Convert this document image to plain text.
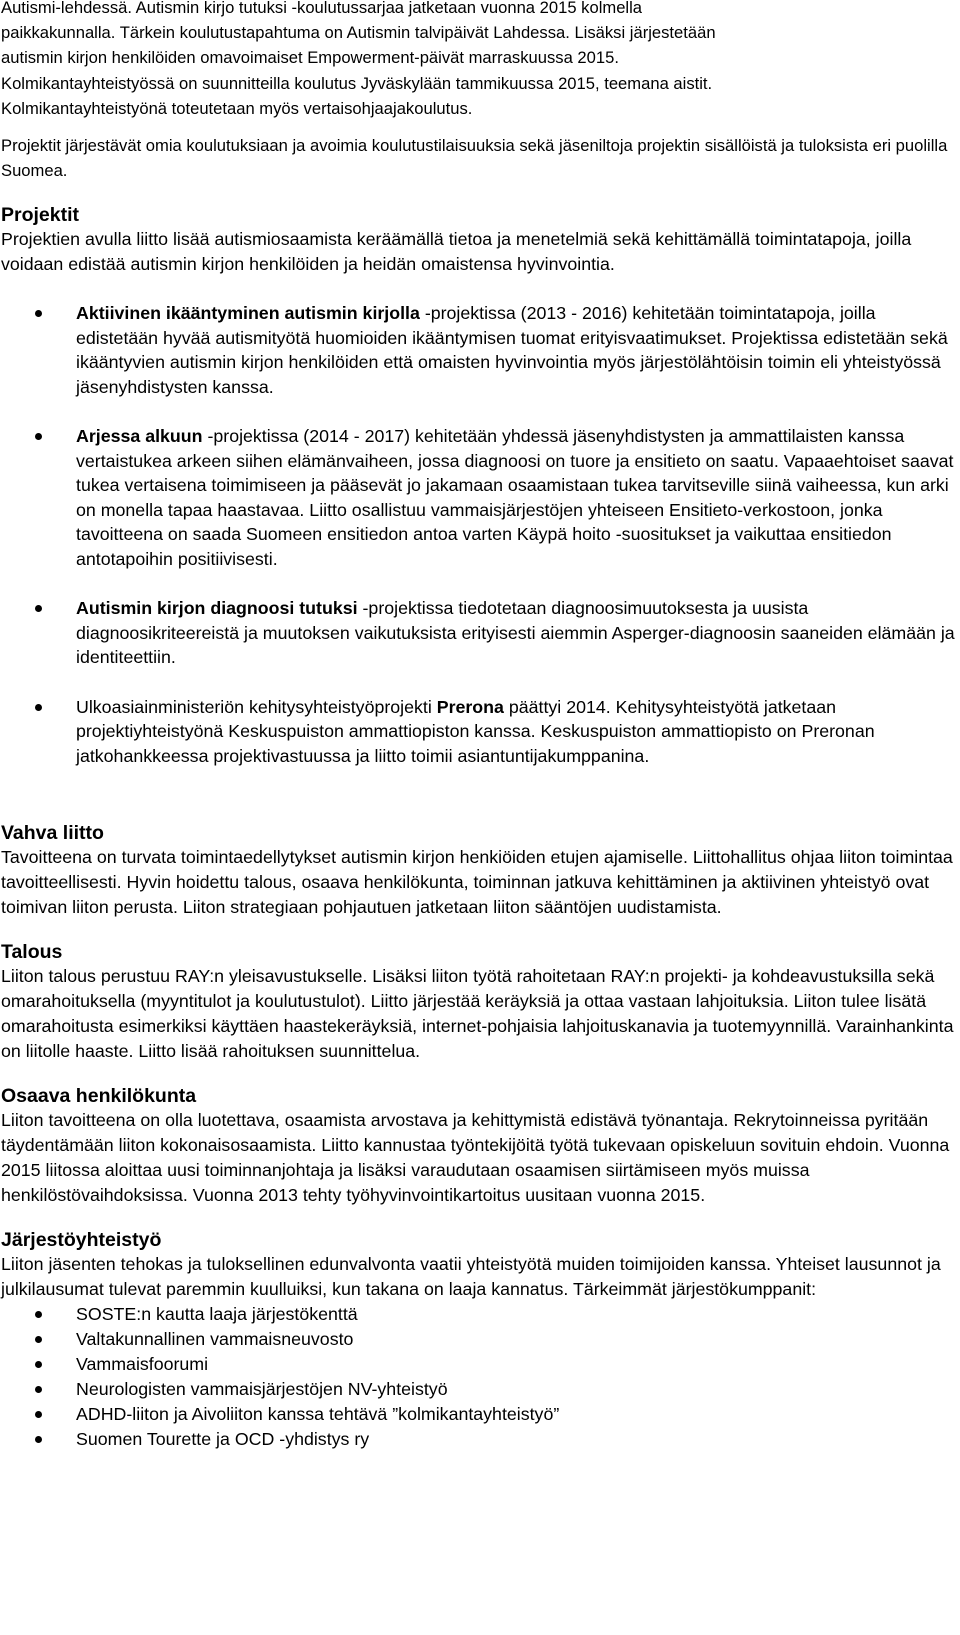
Autismi-lehdessä. Autismin kirjo tutuksi -koulutussarjaa jatketaan vuonna 2015 kolmella

paikkakunnalla. Tärkein koulutustapahtuma on Autismin talvipäivät Lahdessa. Lisäksi järjestetään

autismin kirjon henkilöiden omavoimaiset Empowerment-päivät marraskuussa 2015.

Kolmikantayhteistyössä on suunnitteilla koulutus Jyväskylään tammikuussa 2015, teemana aistit.

Kolmikantayhteistyönä toteutetaan myös vertaisohjaajakoulutus.

Projektit järjestävät omia koulutuksiaan ja avoimia koulutustilaisuuksia sekä jäseniltoja projektin sisällöistä ja tuloksista eri puolilla Suomea.

Projektit

Projektien avulla liitto lisää autismiosaamista keräämällä tietoa ja menetelmiä sekä kehittämällä toimintatapoja, joilla voidaan edistää autismin kirjon henkilöiden ja heidän omaistensa hyvinvointia.

Aktiivinen ikääntyminen autismin kirjolla -projektissa (2013 - 2016) kehitetään toimintatapoja, joilla edistetään hyvää autismityötä huomioiden ikääntymisen tuomat erityisvaatimukset. Projektissa edistetään sekä ikääntyvien autismin kirjon henkilöiden että omaisten hyvinvointia myös järjestölähtöisin toimin eli yhteistyössä jäsenyhdistysten kanssa.
Arjessa alkuun -projektissa (2014 - 2017) kehitetään yhdessä jäsenyhdistysten ja ammattilaisten kanssa vertaistukea arkeen siihen elämänvaiheen, jossa diagnoosi on tuore ja ensitieto on saatu. Vapaaehtoiset saavat tukea vertaisena toimimiseen ja pääsevät jo jakamaan osaamistaan tukea tarvitseville siinä vaiheessa, kun arki on monella tapaa haastavaa. Liitto osallistuu vammaisjärjestöjen yhteiseen Ensitieto-verkostoon, jonka tavoitteena on saada Suomeen ensitiedon antoa varten Käypä hoito -suositukset ja vaikuttaa ensitiedon antotapoihin positiivisesti.
Autismin kirjon diagnoosi tutuksi -projektissa tiedotetaan diagnoosimuutoksesta ja uusista diagnoosikriteereistä ja muutoksen vaikutuksista erityisesti aiemmin Asperger-diagnoosin saaneiden elämään ja identiteettiin.
Ulkoasiainministeriön kehitysyhteistyöprojekti Prerona päättyi 2014. Kehitysyhteistyötä jatketaan projektiyhteistyönä Keskuspuiston ammattiopiston kanssa. Keskuspuiston ammattiopisto on Preronan jatkohankkeessa projektivastuussa ja liitto toimii asiantuntijakumppanina.
Vahva liitto

Tavoitteena on turvata toimintaedellytykset autismin kirjon henkiöiden etujen ajamiselle. Liittohallitus ohjaa liiton toimintaa tavoitteellisesti. Hyvin hoidettu talous, osaava henkilökunta, toiminnan jatkuva kehittäminen ja aktiivinen yhteistyö ovat toimivan liiton perusta. Liiton strategiaan pohjautuen jatketaan liiton sääntöjen uudistamista.

Talous

Liiton talous perustuu RAY:n yleisavustukselle. Lisäksi liiton työtä rahoitetaan RAY:n projekti- ja kohdeavustuksilla sekä omarahoituksella (myyntitulot ja koulutustulot). Liitto järjestää keräyksiä ja ottaa vastaan lahjoituksia. Liiton tulee lisätä omarahoitusta esimerkiksi käyttäen haastekeräyksiä, internet-pohjaisia lahjoituskanavia ja tuotemyynnillä. Varainhankinta on liitolle haaste. Liitto lisää rahoituksen suunnittelua.

Osaava henkilökunta

Liiton tavoitteena on olla luotettava, osaamista arvostava ja kehittymistä edistävä työnantaja. Rekrytoinneissa pyritään täydentämään liiton kokonaisosaamista. Liitto kannustaa työntekijöitä työtä tukevaan opiskeluun sovituin ehdoin. Vuonna 2015 liitossa aloittaa uusi toiminnanjohtaja ja lisäksi varaudutaan osaamisen siirtämiseen myös muissa henkilöstövaihdoksissa. Vuonna 2013 tehty työhyvinvointikartoitus uusitaan vuonna 2015.

Järjestöyhteistyö

Liiton jäsenten tehokas ja tuloksellinen edunvalvonta vaatii yhteistyötä muiden toimijoiden kanssa. Yhteiset lausunnot ja julkilausumat tulevat paremmin kuulluiksi, kun takana on laaja kannatus. Tärkeimmät järjestökumppanit:

SOSTE:n kautta laaja järjestökenttä
Valtakunnallinen vammaisneuvosto
Vammaisfoorumi
Neurologisten vammaisjärjestöjen NV-yhteistyö
ADHD-liiton ja Aivoliiton kanssa tehtävä ”kolmikantayhteistyö”
Suomen Tourette ja OCD -yhdistys ry
